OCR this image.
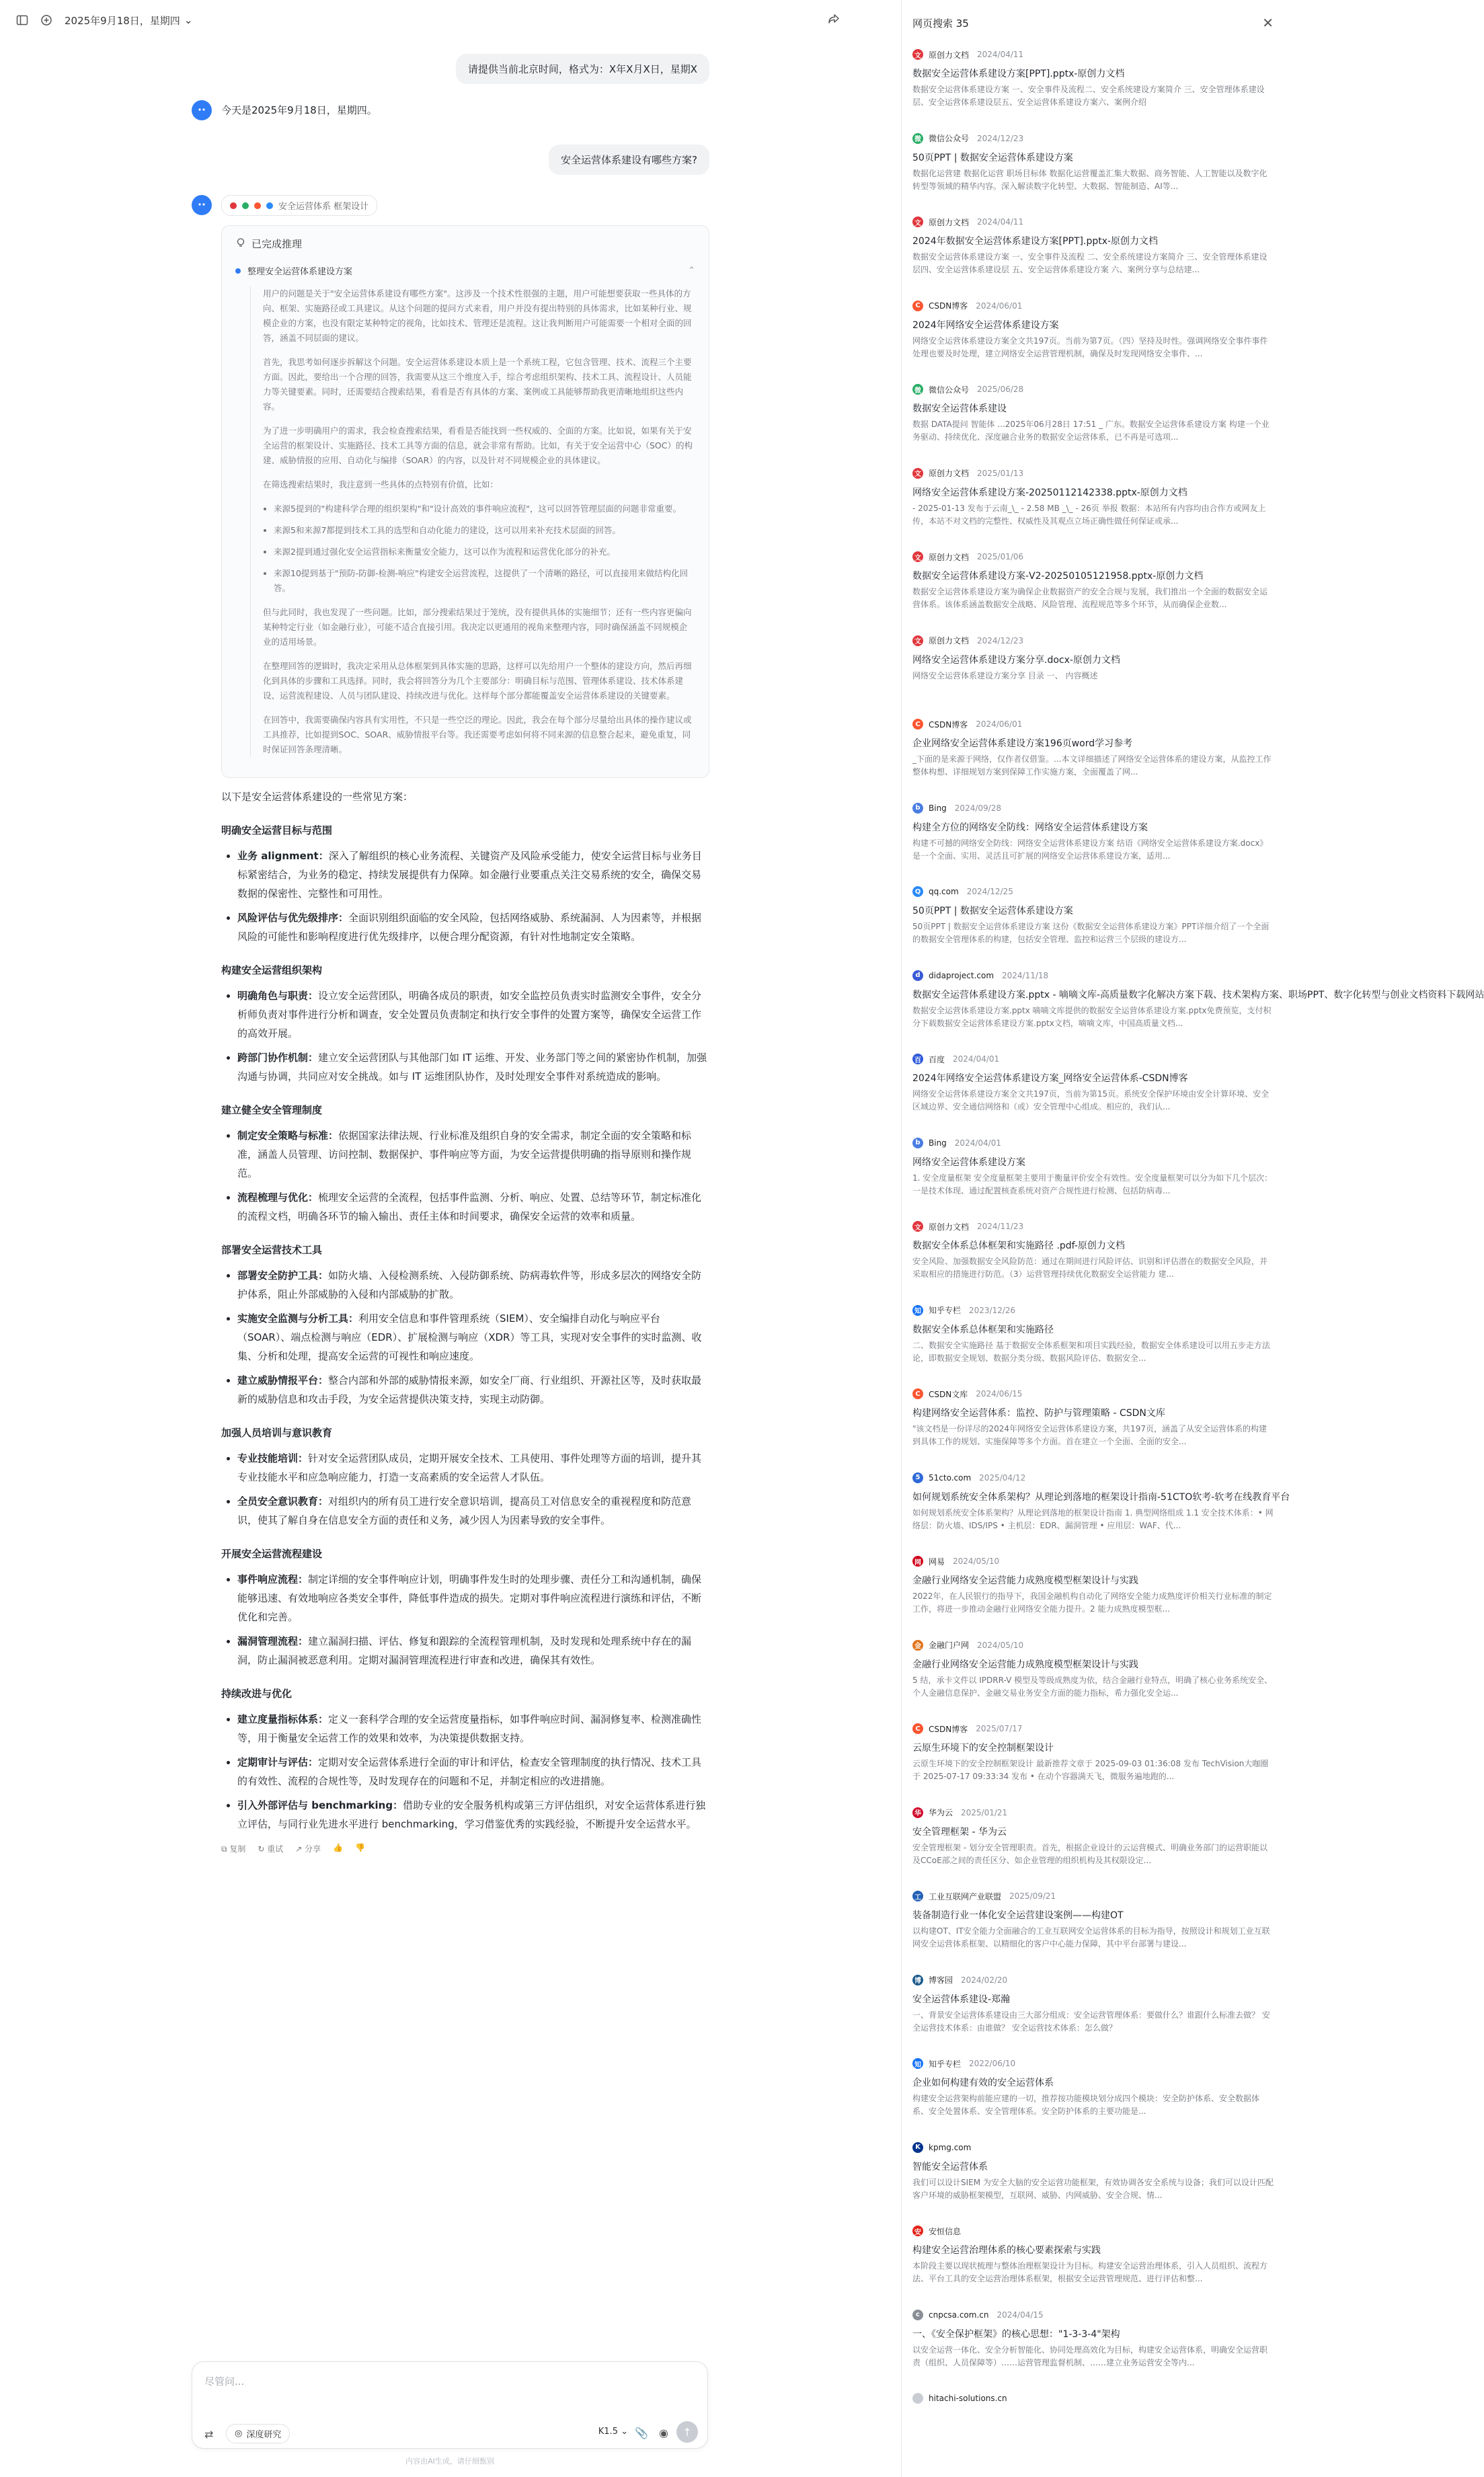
2025年9月18日，星期四 ⌄
请提供当前北京时间，格式为：X年X月X日，星期X
今天是2025年9月18日，星期四。
安全运营体系建设有哪些方案?
安全运营体系 框架设计
已完成推理
整理安全运营体系建设方案	⌃

用户的问题是关于"安全运营体系建设有哪些方案"。这涉及一个技术性很强的主题，用户可能想要获取一些具体的方向、框架、实施路径或工具建议。从这个问题的提问方式来看，用户并没有提出特别的具体需求，比如某种行业、规模企业的方案，也没有限定某种特定的视角，比如技术、管理还是流程。这让我判断用户可能需要一个相对全面的回答，涵盖不同层面的建议。

首先，我思考如何逐步拆解这个问题。安全运营体系建设本质上是一个系统工程，它包含管理、技术、流程三个主要方面。因此，要给出一个合理的回答，我需要从这三个维度入手，综合考虑组织架构、技术工具、流程设计、人员能力等关键要素。同时，还需要结合搜索结果，看看是否有具体的方案、案例或工具能够帮助我更清晰地组织这些内容。

为了进一步明确用户的需求，我会检查搜索结果，看看是否能找到一些权威的、全面的方案。比如说，如果有关于安全运营的框架设计、实施路径、技术工具等方面的信息，就会非常有帮助。比如，有关于安全运营中心（SOC）的构建、威胁情报的应用、自动化与编排（SOAR）的内容，以及针对不同规模企业的具体建议。

在筛选搜索结果时，我注意到一些具体的点特别有价值，比如：

• 来源5提到的"构建科学合理的组织架构"和"设计高效的事件响应流程"，这可以回答管理层面的问题非常重要。
• 来源5和来源7都提到技术工具的选型和自动化能力的建设，这可以用来补充技术层面的回答。
• 来源2提到通过强化安全运营指标来衡量安全能力，这可以作为流程和运营优化部分的补充。
• 来源10提到基于"预防-防御-检测-响应"构建安全运营流程，这提供了一个清晰的路径，可以直接用来做结构化回答。

但与此同时，我也发现了一些问题。比如，部分搜索结果过于笼统，没有提供具体的实施细节；还有一些内容更偏向某种特定行业（如金融行业），可能不适合直接引用。我决定以更通用的视角来整理内容，同时确保涵盖不同规模企业的适用场景。

在整理回答的逻辑时，我决定采用从总体框架到具体实施的思路，这样可以先给用户一个整体的建设方向，然后再细化到具体的步骤和工具选择。同时，我会将回答分为几个主要部分：明确目标与范围、管理体系建设、技术体系建设、运营流程建设、人员与团队建设、持续改进与优化。这样每个部分都能覆盖安全运营体系建设的关键要素。

在回答中，我需要确保内容具有实用性，不只是一些空泛的理论。因此，我会在每个部分尽量给出具体的操作建议或工具推荐，比如提到SOC、SOAR、威胁情报平台等。我还需要考虑如何将不同来源的信息整合起来，避免重复，同时保证回答条理清晰。

以下是安全运营体系建设的一些常见方案：

明确安全运营目标与范围
• 业务 alignment：深入了解组织的核心业务流程、关键资产及风险承受能力，使安全运营目标与业务目标紧密结合，为业务的稳定、持续发展提供有力保障。如金融行业要重点关注交易系统的安全，确保交易数据的保密性、完整性和可用性。
• 风险评估与优先级排序：全面识别组织面临的安全风险，包括网络威胁、系统漏洞、人为因素等，并根据风险的可能性和影响程度进行优先级排序，以便合理分配资源，有针对性地制定安全策略。
构建安全运营组织架构
• 明确角色与职责：设立安全运营团队，明确各成员的职责，如安全监控员负责实时监测安全事件，安全分析师负责对事件进行分析和调查，安全处置员负责制定和执行安全事件的处置方案等，确保安全运营工作的高效开展。
• 跨部门协作机制：建立安全运营团队与其他部门如 IT 运维、开发、业务部门等之间的紧密协作机制，加强沟通与协调，共同应对安全挑战。如与 IT 运维团队协作，及时处理安全事件对系统造成的影响。
建立健全安全管理制度
• 制定安全策略与标准：依据国家法律法规、行业标准及组织自身的安全需求，制定全面的安全策略和标准，涵盖人员管理、访问控制、数据保护、事件响应等方面，为安全运营提供明确的指导原则和操作规范。
• 流程梳理与优化：梳理安全运营的全流程，包括事件监测、分析、响应、处置、总结等环节，制定标准化的流程文档，明确各环节的输入输出、责任主体和时间要求，确保安全运营的效率和质量。
部署安全运营技术工具
• 部署安全防护工具：如防火墙、入侵检测系统、入侵防御系统、防病毒软件等，形成多层次的网络安全防护体系，阻止外部威胁的入侵和内部威胁的扩散。
• 实施安全监测与分析工具：利用安全信息和事件管理系统（SIEM）、安全编排自动化与响应平台（SOAR）、端点检测与响应（EDR）、扩展检测与响应（XDR）等工具，实现对安全事件的实时监测、收集、分析和处理，提高安全运营的可视性和响应速度。
• 建立威胁情报平台：整合内部和外部的威胁情报来源，如安全厂商、行业组织、开源社区等，及时获取最新的威胁信息和攻击手段，为安全运营提供决策支持，实现主动防御。
加强人员培训与意识教育
• 专业技能培训：针对安全运营团队成员，定期开展安全技术、工具使用、事件处理等方面的培训，提升其专业技能水平和应急响应能力，打造一支高素质的安全运营人才队伍。
• 全员安全意识教育：对组织内的所有员工进行安全意识培训，提高员工对信息安全的重视程度和防范意识，使其了解自身在信息安全方面的责任和义务，减少因人为因素导致的安全事件。
开展安全运营流程建设
• 事件响应流程：制定详细的安全事件响应计划，明确事件发生时的处理步骤、责任分工和沟通机制，确保能够迅速、有效地响应各类安全事件，降低事件造成的损失。定期对事件响应流程进行演练和评估，不断优化和完善。
• 漏洞管理流程：建立漏洞扫描、评估、修复和跟踪的全流程管理机制，及时发现和处理系统中存在的漏洞，防止漏洞被恶意利用。定期对漏洞管理流程进行审查和改进，确保其有效性。
持续改进与优化
• 建立度量指标体系：定义一套科学合理的安全运营度量指标，如事件响应时间、漏洞修复率、检测准确性等，用于衡量安全运营工作的效果和效率，为决策提供数据支持。
• 定期审计与评估：定期对安全运营体系进行全面的审计和评估，检查安全管理制度的执行情况、技术工具的有效性、流程的合规性等，及时发现存在的问题和不足，并制定相应的改进措施。
• 引入外部评估与 benchmarking：借助专业的安全服务机构或第三方评估组织，对安全运营体系进行独立评估，与同行业先进水平进行 benchmarking，学习借鉴优秀的实践经验，不断提升安全运营水平。
⧉ 复制 ↻ 重试 ↗ 分享 👍 👎
尽管问...
⇄ ◎ 深度研究	K1.5 ⌄ 📎 ◉ ↑
内容由AI生成，请仔细甄别
网页搜索 35	✕
文 原创力文档 2024/04/11
数据安全运营体系建设方案[PPT].pptx-原创力文档
数据安全运营体系建设方案 一、安全事件及流程二、安全系统建设方案简介 三、安全管理体系建设层、安全运营体系建设层五、安全运营体系建设方案六、案例介绍
微 微信公众号 2024/12/23
50页PPT | 数据安全运营体系建设方案
数据化运营建 数据化运营 职场目标体 数据化运营覆盖汇集大数据、商务智能、人工智能以及数字化转型等领域的精华内容。深入解读数字化转型、大数据、智能制造、AI等...
文 原创力文档 2024/04/11
2024年数据安全运营体系建设方案[PPT].pptx-原创力文档
数据安全运营体系建设方案 一、安全事件及流程 二、安全系统建设方案简介 三、安全管理体系建设层四、安全运营体系建设层 五、安全运营体系建设方案 六、案例分享与总结建...
C CSDN博客 2024/06/01
2024年网络安全运营体系建设方案
网络安全运营体系建设方案全文共197页。当前为第7页。（四）坚持及时性。强调网络安全事件事件处理也要及时处理，建立网络安全运营管理机制，确保及时发现网络安全事件、...
微 微信公众号 2025/06/28
数据安全运营体系建设
数据 DATA提问 智能体 ...2025年06月28日 17:51 _ 广东。数据安全运营体系建设方案 构建一个业务驱动、持续优化、深度融合业务的数据安全运营体系，已不再是可选项...
文 原创力文档 2025/01/13
网络安全运营体系建设方案-20250112142338.pptx-原创力文档
- 2025-01-13 发布于云南_\_ - 2.58 MB _\_ - 26页 举报 数据：本站所有内容均由合作方或网友上传，本站不对文档的完整性、权威性及其观点立场正确性做任何保证或承...
文 原创力文档 2025/01/06
数据安全运营体系建设方案-V2-20250105121958.pptx-原创力文档
数据安全运营体系建设方案为确保企业数据资产的安全合规与发展，我们推出一个全面的数据安全运营体系。该体系涵盖数据安全战略、风险管理、流程规范等多个环节，从而确保企业数...
文 原创力文档 2024/12/23
网络安全运营体系建设方案分享.docx-原创力文档
网络安全运营体系建设方案分享 目录 一、 内容概述
C CSDN博客 2024/06/01
企业网络安全运营体系建设方案196页word学习参考
_下面的是来源于网络，仅作者仅借鉴。...本文详细描述了网络安全运营体系的建设方案，从监控工作整体构想、详细规划方案到保障工作实施方案，全面覆盖了网...
b Bing 2024/09/28
构建全方位的网络安全防线：网络安全运营体系建设方案
构建不可撼的网络安全防线：网络安全运营体系建设方案 结语《网络安全运营体系建设方案.docx》是一个全面、实用、灵活且可扩展的网络安全运营体系建设方案，适用...
Q qq.com 2024/12/25
50页PPT | 数据安全运营体系建设方案
50页PPT | 数据安全运营体系建设方案 这份《数据安全运营体系建设方案》PPT详细介绍了一个全面的数据安全管理体系的构建，包括安全管理、监控和运营三个层级的建设方...
d didaproject.com 2024/11/18
数据安全运营体系建设方案.pptx - 嘀嘀文库-高质量数字化解决方案下载、技术架构方案、职场PPT、数字化转型与创业文档资料下载网站
数据安全运营体系建设方案.pptx 嘀嘀文库提供的数据安全运营体系建设方案.pptx免费预览，支付积分下载数据安全运营体系建设方案.pptx文档，嘀嘀文库，中国高质量文档...
百 百度 2024/04/01
2024年网络安全运营体系建设方案_网络安全运营体系-CSDN博客
网络安全运营体系建设方案全文共197页，当前为第15页。系统安全保护环境由安全计算环境、安全区域边界、安全通信网络和（或）安全管理中心组成。相应的，我们认...
b Bing 2024/04/01
网络安全运营体系建设方案
1. 安全度量框架 安全度量框架主要用于衡量评价安全有效性。安全度量框架可以分为如下几个层次：一是技术体现、通过配置核查系统对资产合规性进行检测、包括防病毒...
文 原创力文档 2024/11/23
数据安全体系总体框架和实施路径 .pdf-原创力文档
安全风险、加强数据安全风险防范：通过在期间进行风险评估、识别和评估潜在的数据安全风险，并采取相应的措施进行防范。（3）运营管理持续优化数据安全运营能力 建...
知 知乎专栏 2023/12/26
数据安全体系总体框架和实施路径
二、数据安全实施路径 基于数据安全体系框架和项目实践经验，数据安全体系建设可以用五步走方法论，即数据安全规划、数据分类分级、数据风险评估、数据安全...
C CSDN文库 2024/06/15
构建网络安全运营体系：监控、防护与管理策略 - CSDN文库
"该文档是一份详尽的2024年网络安全运营体系建设方案，共197页，涵盖了从安全运营体系的构建到具体工作的规划、实施保障等多个方面。首在建立一个全面、全面的安全...
5 51cto.com 2025/04/12
如何规划系统安全体系架构？从理论到落地的框架设计指南-51CTO软考-软考在线教育平台
如何规划系统安全体系架构？从理论到落地的框架设计指南 1. 典型网络组成 1.1 安全技术体系：• 网络层：防火墙、IDS/IPS • 主机层：EDR、漏洞管理 • 应用层：WAF、代...
网 网易 2024/05/10
金融行业网络安全运营能力成熟度模型框架设计与实践
2022年，在人民银行的指导下，我国金融机构自动化了网络安全能力成熟度评价相关行业标准的制定工作，将进一步推动金融行业网络安全能力提升。2 能力成熟度模型框...
金 金融门户网 2024/05/10
金融行业网络安全运营能力成熟度模型框架设计与实践
5 结，承卡文件以 IPDRR-V 模型及等级成熟度为依，结合金融行业特点，明确了核心业务系统安全、个人金融信息保护、金融交易业务安全方面的能力指标，希力强化安全运...
C CSDN博客 2025/07/17
云原生环境下的安全控制框架设计
云原生环境下的安全控制框架设计 最新推荐文章于 2025-09-03 01:36:08 发布 TechVision大咖圈于 2025-07-17 09:33:34 发布 • 在动个容器满天飞，微服务遍地跑的...
华 华为云 2025/01/21
安全管理框架 - 华为云
安全管理框架 - 划分安全管理职责。首先，根据企业设计的云运营模式、明确业务部门的运营职能以及CCoE部之间的责任区分、如企业管理的组织机构及其权限设定...
工 工业互联网产业联盟 2025/09/21
装备制造行业一体化安全运营建设案例——构建OT
以构建OT、IT安全能力全面融合的工业互联网安全运营体系的目标为指导，按照设计和规划工业互联网安全运营体系框架、以精细化的客户中心能力保障，其中平台部署与建设...
博 博客园 2024/02/20
安全运营体系建设-郑瀚
一、背景安全运营体系建设由三大部分组成：安全运营管理体系：要做什么？谁跟什么标准去做？ 安全运营技术体系：由谁做？ 安全运营技术体系：怎么做？
知 知乎专栏 2022/06/10
企业如何构建有效的安全运营体系
构建安全运营架构前能应建的一切，推荐按功能模块划分成四个模块：安全防护体系、安全数据体系、安全处置体系、安全管理体系。安全防护体系的主要功能是...
K kpmg.com
智能安全运营体系
我们可以设计SIEM 为安全大脑的安全运营功能框架，有效协调各安全系统与设备；我们可以设计匹配客户环境的威胁框架模型，互联网、威胁、内网威胁、安全合规、情...
安 安恒信息
构建安全运营治理体系的核心要素探索与实践
本阶段主要以现状梳理与整体治理框架设计为目标。构建安全运营治理体系，引入人员组织、流程方法、平台工具的安全运营治理体系框架，根据安全运营管理规范、进行评估和整...
c cnpcsa.com.cn 2024/04/15
一、《安全保护框架》的核心思想："1-3-3-4"架构
以安全运营一体化、安全分析智能化、协同处理高效化为目标，构建安全运营体系，明确安全运营职责（组织、人员保障等）……运营管理监督机制、……建立业务运营安全等内...
hitachi-solutions.cn
